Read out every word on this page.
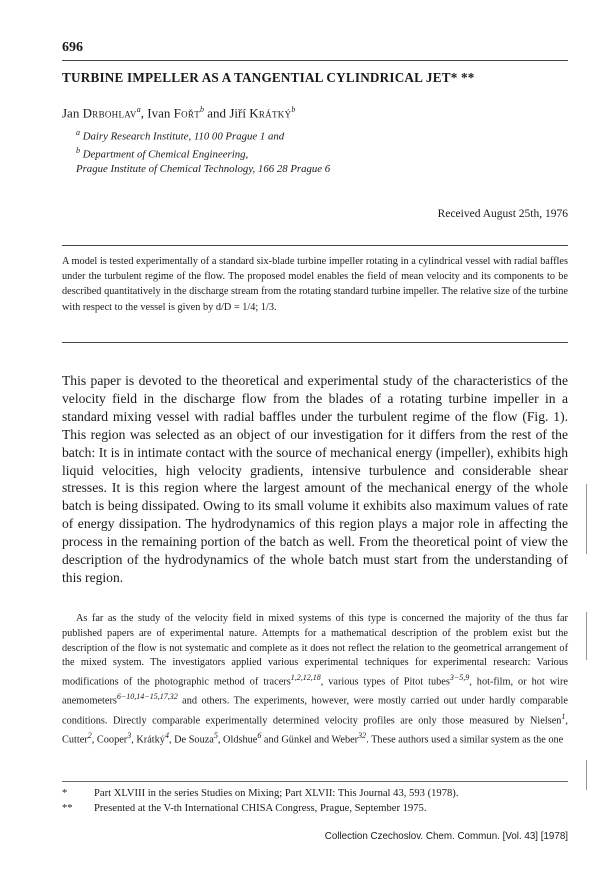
696
TURBINE IMPELLER AS A TANGENTIAL CYLINDRICAL JET* **
Jan Drbohlav$^a$, Ivan Fořt$^b$ and Jiří Krátký$^b$
$^a$ Dairy Research Institute, 110 00 Prague 1 and
$^b$ Department of Chemical Engineering,
Prague Institute of Chemical Technology, 166 28 Prague 6
Received August 25th, 1976
A model is tested experimentally of a standard six-blade turbine impeller rotating in a cylindrical vessel with radial baffles under the turbulent regime of the flow. The proposed model enables the field of mean velocity and its components to be described quantitatively in the discharge stream from the rotating standard turbine impeller. The relative size of the turbine with respect to the vessel is given by d/D = 1/4; 1/3.
This paper is devoted to the theoretical and experimental study of the characteristics of the velocity field in the discharge flow from the blades of a rotating turbine impeller in a standard mixing vessel with radial baffles under the turbulent regime of the flow (Fig. 1). This region was selected as an object of our investigation for it differs from the rest of the batch: It is in intimate contact with the source of mechanical energy (impeller), exhibits high liquid velocities, high velocity gradients, intensive turbulence and considerable shear stresses. It is this region where the largest amount of the mechanical energy of the whole batch is being dissipated. Owing to its small volume it exhibits also maximum values of rate of energy dissipation. The hydrodynamics of this region plays a major role in affecting the process in the remaining portion of the batch as well. From the theoretical point of view the description of the hydrodynamics of the whole batch must start from the understanding of this region.
As far as the study of the velocity field in mixed systems of this type is concerned the majority of the thus far published papers are of experimental nature. Attempts for a mathematical description of the problem exist but the description of the flow is not systematic and complete as it does not reflect the relation to the geometrical arrangement of the mixed system. The investigators applied various experimental techniques for experimental research: Various modifications of the photographic method of tracers$^{1,2,12,18}$, various types of Pitot tubes$^{3-5,9}$, hot-film, or hot wire anemometers$^{6-10,14-15,17,32}$ and others. The experiments, however, were mostly carried out under hardly comparable conditions. Directly comparable experimentally determined velocity profiles are only those measured by Nielsen$^1$, Cutter$^2$, Cooper$^3$, Krátký$^4$, De Souza$^5$, Oldshue$^6$ and Günkel and Weber$^{32}$. These authors used a similar system as the one
*	Part XLVIII in the series Studies on Mixing; Part XLVII: This Journal 43, 593 (1978).
**	Presented at the V-th International CHISA Congress, Prague, September 1975.
Collection Czechoslov. Chem. Commun. [Vol. 43] [1978]
